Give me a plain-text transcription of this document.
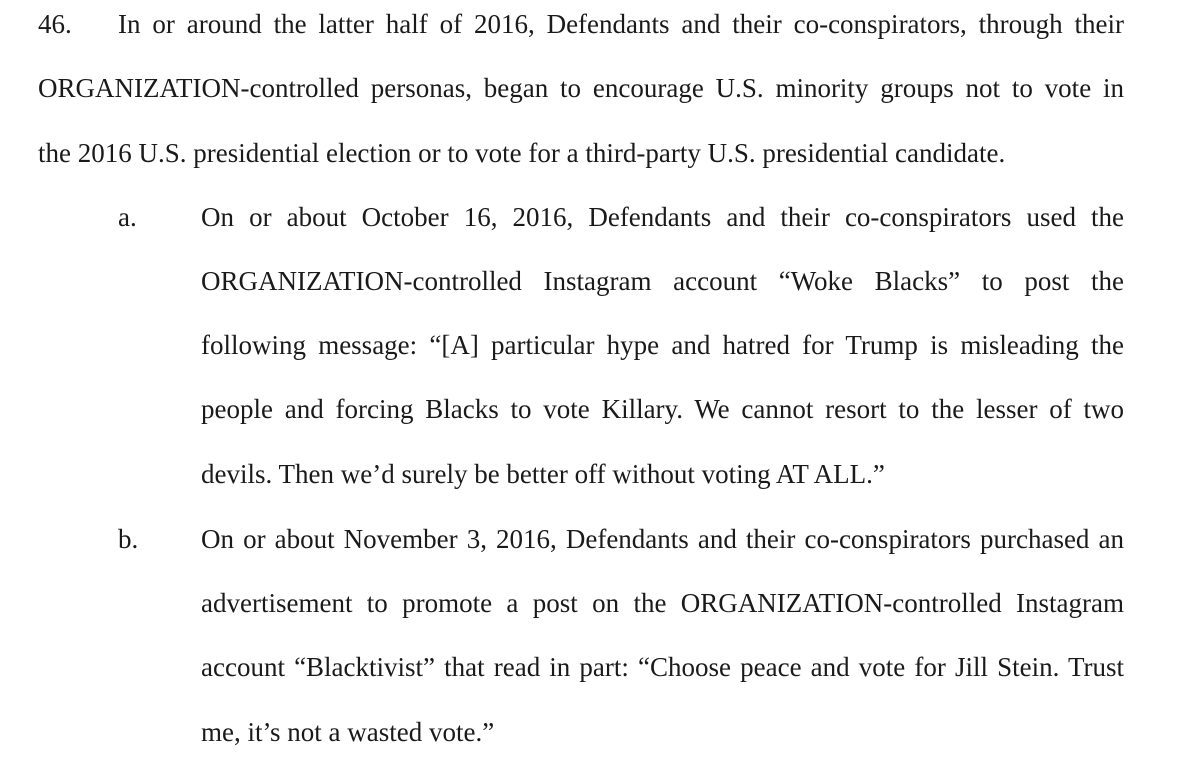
46. In or around the latter half of 2016, Defendants and their co-conspirators, through their
ORGANIZATION-controlled personas, began to encourage U.S. minority groups not to vote in
the 2016 U.S. presidential election or to vote for a third-party U.S. presidential candidate.
a. On or about October 16, 2016, Defendants and their co-conspirators used the
ORGANIZATION-controlled Instagram account “Woke Blacks” to post the
following message: “[A] particular hype and hatred for Trump is misleading the
people and forcing Blacks to vote Killary. We cannot resort to the lesser of two
devils. Then we’d surely be better off without voting AT ALL.”
b. On or about November 3, 2016, Defendants and their co-conspirators purchased an
advertisement to promote a post on the ORGANIZATION-controlled Instagram
account “Blacktivist” that read in part: “Choose peace and vote for Jill Stein. Trust
me, it’s not a wasted vote.”
